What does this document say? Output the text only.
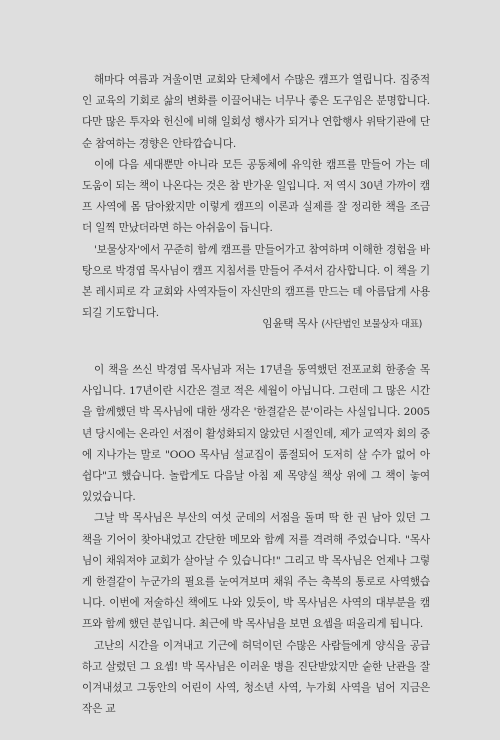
해마다 여름과 겨울이면 교회와 단체에서 수많은 캠프가 열립니다. 집중적인 교육의 기회로 삶의 변화를 이끌어내는 너무나 좋은 도구임은 분명합니다. 다만 많은 투자와 헌신에 비해 일회성 행사가 되거나 연합행사 위탁기관에 단순 참여하는 경향은 안타깝습니다.

이에 다음 세대뿐만 아니라 모든 공동체에 유익한 캠프를 만들어 가는 데 도움이 되는 책이 나온다는 것은 참 반가운 일입니다. 저 역시 30년 가까이 캠프 사역에 몸 담아왔지만 이렇게 캠프의 이론과 실제를 잘 정리한 책을 조금 더 일찍 만났더라면 하는 아쉬움이 듭니다.

'보물상자'에서 꾸준히 함께 캠프를 만들어가고 참여하며 이해한 경험을 바탕으로 박경엽 목사님이 캠프 지침서를 만들어 주셔서 감사합니다. 이 책을 기본 레시피로 각 교회와 사역자들이 자신만의 캠프를 만드는 데 아름답게 사용되길 기도합니다.

임윤택 목사 (사단법인 보물상자 대표)

이 책을 쓰신 박경엽 목사님과 저는 17년을 동역했던 전포교회 한종술 목사입니다. 17년이란 시간은 결코 적은 세월이 아닙니다. 그런데 그 많은 시간을 함께했던 박 목사님에 대한 생각은 '한결같은 분'이라는 사실입니다. 2005년 당시에는 온라인 서점이 활성화되지 않았던 시절인데, 제가 교역자 회의 중에 지나가는 말로 "OOO 목사님 설교집이 품절되어 도저히 살 수가 없어 아쉽다"고 했습니다. 놀랍게도 다음날 아침 제 목양실 책상 위에 그 책이 놓여 있었습니다.

그날 박 목사님은 부산의 여섯 군데의 서점을 돌며 딱 한 권 남아 있던 그 책을 기어이 찾아내었고 간단한 메모와 함께 저를 격려해 주었습니다. "목사님이 채워져야 교회가 살아날 수 있습니다!" 그리고 박 목사님은 언제나 그렇게 한결같이 누군가의 필요를 눈여겨보며 채워 주는 축복의 통로로 사역했습니다. 이번에 저술하신 책에도 나와 있듯이, 박 목사님은 사역의 대부분을 캠프와 함께 했던 분입니다. 최근에 박 목사님을 보면 요셉을 떠올리게 됩니다.

고난의 시간을 이겨내고 기근에 허덕이던 수많은 사람들에게 양식을 공급하고 살렸던 그 요셉! 박 목사님은 이러운 병을 진단받았지만 숱한 난관을 잘 이겨내셨고 그동안의 어린이 사역, 청소년 사역, 누가회 사역을 넘어 지금은 작은 교
